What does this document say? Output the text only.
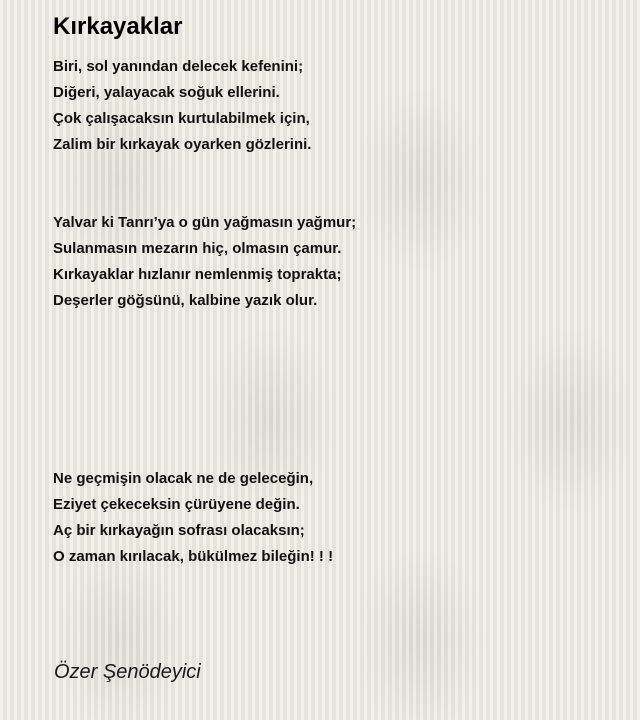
Kırkayaklar
Biri, sol yanından delecek kefenini;
Diğeri, yalayacak soğuk ellerini.
Çok çalışacaksın kurtulabilmek için,
Zalim bir kırkayak oyarken gözlerini.
Yalvar ki Tanrı’ya o gün yağmasın yağmur;
Sulanmasın mezarın hiç, olmasın çamur.
Kırkayaklar hızlanır nemlenmiş toprakta;
Deşerler göğsünü, kalbine yazık olur.
Ne geçmişin olacak ne de geleceğin,
Eziyet çekeceksin çürüyene değin.
Aç bir kırkayağın sofrası olacaksın;
O zaman kırılacak, bükülmez bileğin! ! !

Özer Şenödeyici
